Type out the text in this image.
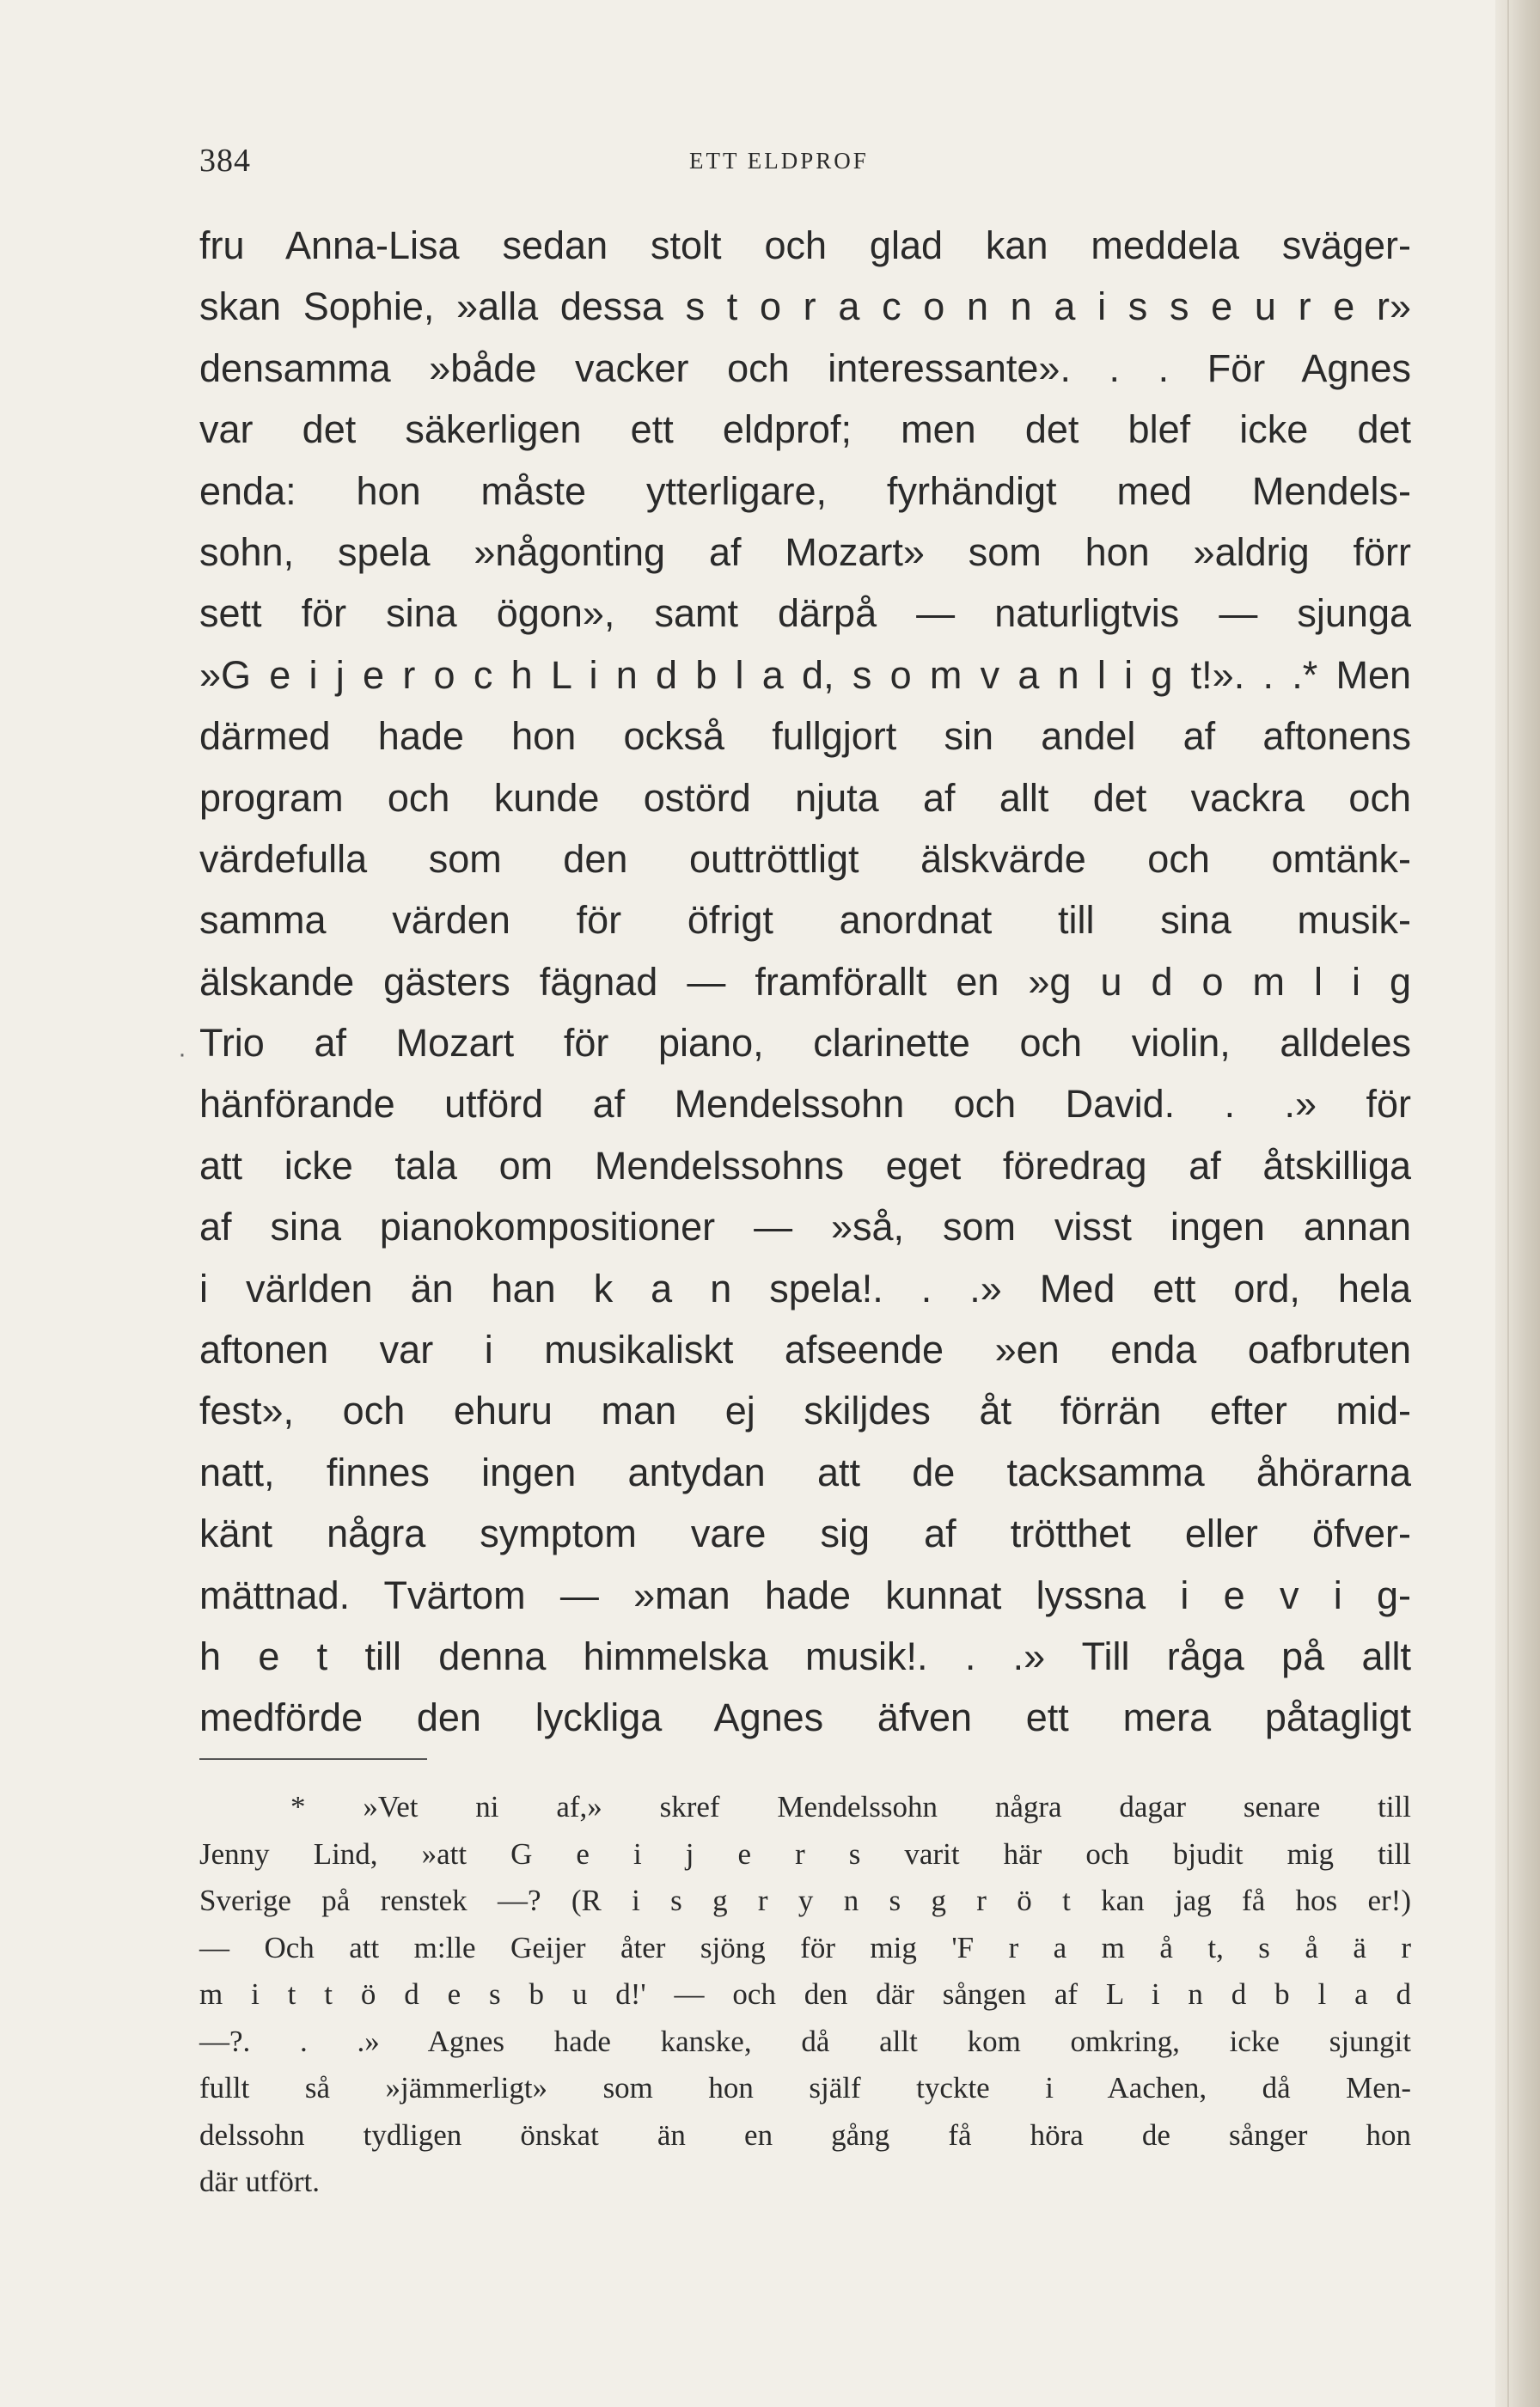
384	ETT ELDPROF
·
fru Anna-Lisa sedan stolt och glad kan meddela sväger-
skan Sophie, »alla dessa s t o r a c o n n a i s s e u r e r»
densamma »både vacker och interessante». . . För Agnes
var det säkerligen ett eldprof; men det blef icke det
enda: hon måste ytterligare, fyrhändigt med Mendels-
sohn, spela »någonting af Mozart» som hon »aldrig förr
sett för sina ögon», samt därpå — naturligtvis — sjunga
»G e i j e r o c h L i n d b l a d, s o m v a n l i g t!». . .* Men
därmed hade hon också fullgjort sin andel af aftonens
program och kunde ostörd njuta af allt det vackra och
värdefulla som den outtröttligt älskvärde och omtänk-
samma värden för öfrigt anordnat till sina musik-
älskande gästers fägnad — framförallt en »g u d o m l i g
Trio af Mozart för piano, clarinette och violin, alldeles
hänförande utförd af Mendelssohn och David. . .» för
att icke tala om Mendelssohns eget föredrag af åtskilliga
af sina pianokompositioner — »så, som visst ingen annan
i världen än han k a n spela!. . .» Med ett ord, hela
aftonen var i musikaliskt afseende »en enda oafbruten
fest», och ehuru man ej skiljdes åt förrän efter mid-
natt, finnes ingen antydan att de tacksamma åhörarna
känt några symptom vare sig af trötthet eller öfver-
mättnad. Tvärtom — »man hade kunnat lyssna i e v i g-
h e t till denna himmelska musik!. . .» Till råga på allt
medförde den lyckliga Agnes äfven ett mera påtagligt
* »Vet ni af,» skref Mendelssohn några dagar senare till
Jenny Lind, »att G e i j e r s varit här och bjudit mig till
Sverige på renstek —? (R i s g r y n s g r ö t kan jag få hos er!)
— Och att m:lle Geijer åter sjöng för mig 'F r a m å t, s å ä r
m i t t ö d e s b u d!' — och den där sången af L i n d b l a d
—?. . .» Agnes hade kanske, då allt kom omkring, icke sjungit
fullt så »jämmerligt» som hon själf tyckte i Aachen, då Men-
delssohn tydligen önskat än en gång få höra de sånger hon
där utfört.
